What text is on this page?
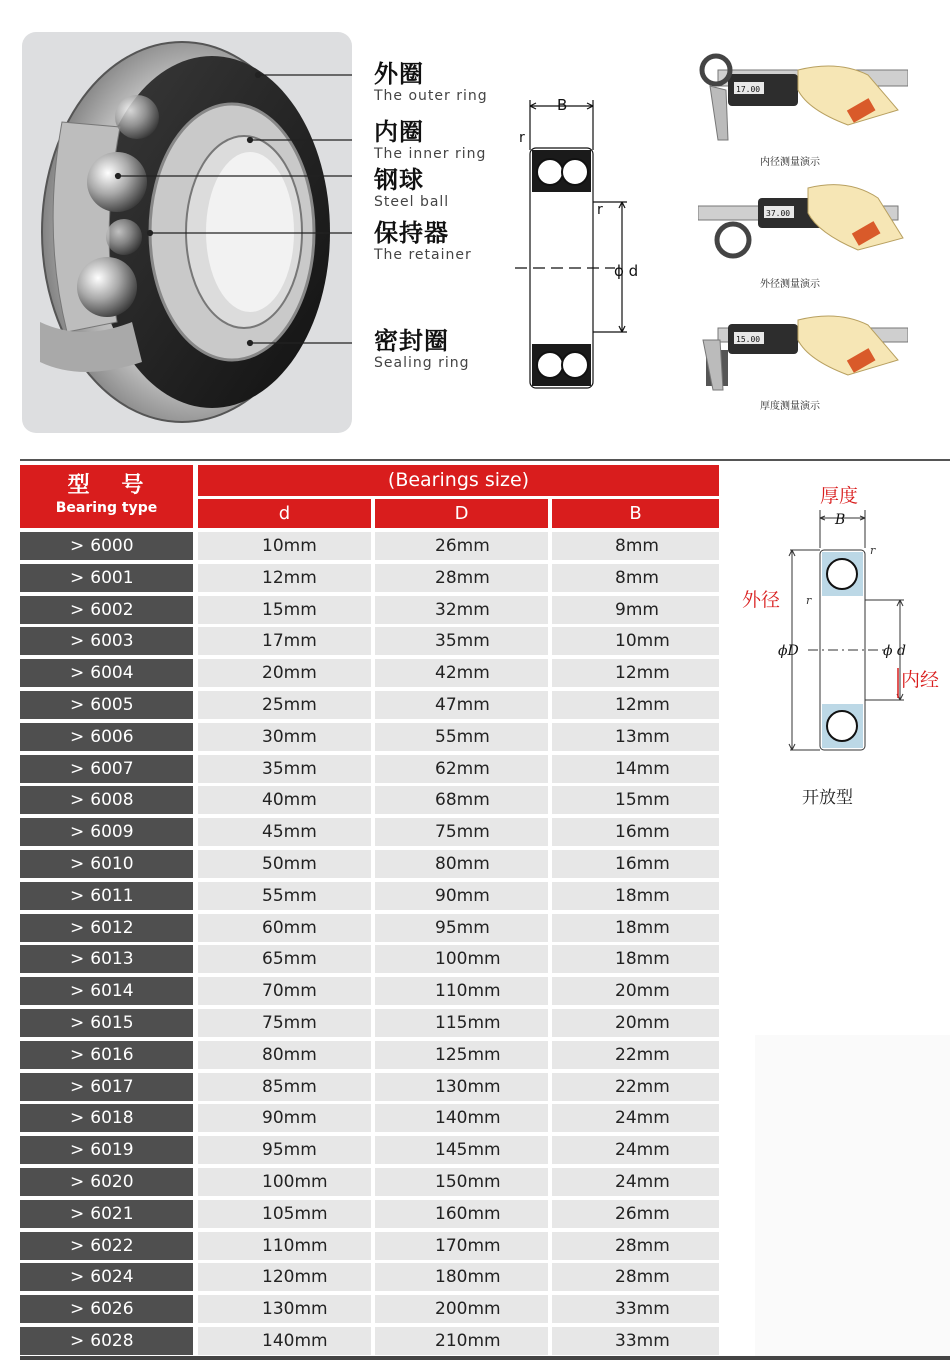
外圈
The outer ring
内圈
The inner ring
钢球
Steel ball
保持器
The retainer
密封圈
Sealing ring
B
r
r
ϕ d
17.00
内径测量演示
37.00
外径测量演示
15.00
厚度测量演示
型 号
Bearing type
(Bearings size)
d	D	B
> 6000	10mm	26mm	8mm
> 6001	12mm	28mm	8mm
> 6002	15mm	32mm	9mm
> 6003	17mm	35mm	10mm
> 6004	20mm	42mm	12mm
> 6005	25mm	47mm	12mm
> 6006	30mm	55mm	13mm
> 6007	35mm	62mm	14mm
> 6008	40mm	68mm	15mm
> 6009	45mm	75mm	16mm
> 6010	50mm	80mm	16mm
> 6011	55mm	90mm	18mm
> 6012	60mm	95mm	18mm
> 6013	65mm	100mm	18mm
> 6014	70mm	110mm	20mm
> 6015	75mm	115mm	20mm
> 6016	80mm	125mm	22mm
> 6017	85mm	130mm	22mm
> 6018	90mm	140mm	24mm
> 6019	95mm	145mm	24mm
> 6020	100mm	150mm	24mm
> 6021	105mm	160mm	26mm
> 6022	110mm	170mm	28mm
> 6024	120mm	180mm	28mm
> 6026	130mm	200mm	33mm
> 6028	140mm	210mm	33mm
厚度
r
r
B
外径
ϕD	ϕ d
内经
开放型
